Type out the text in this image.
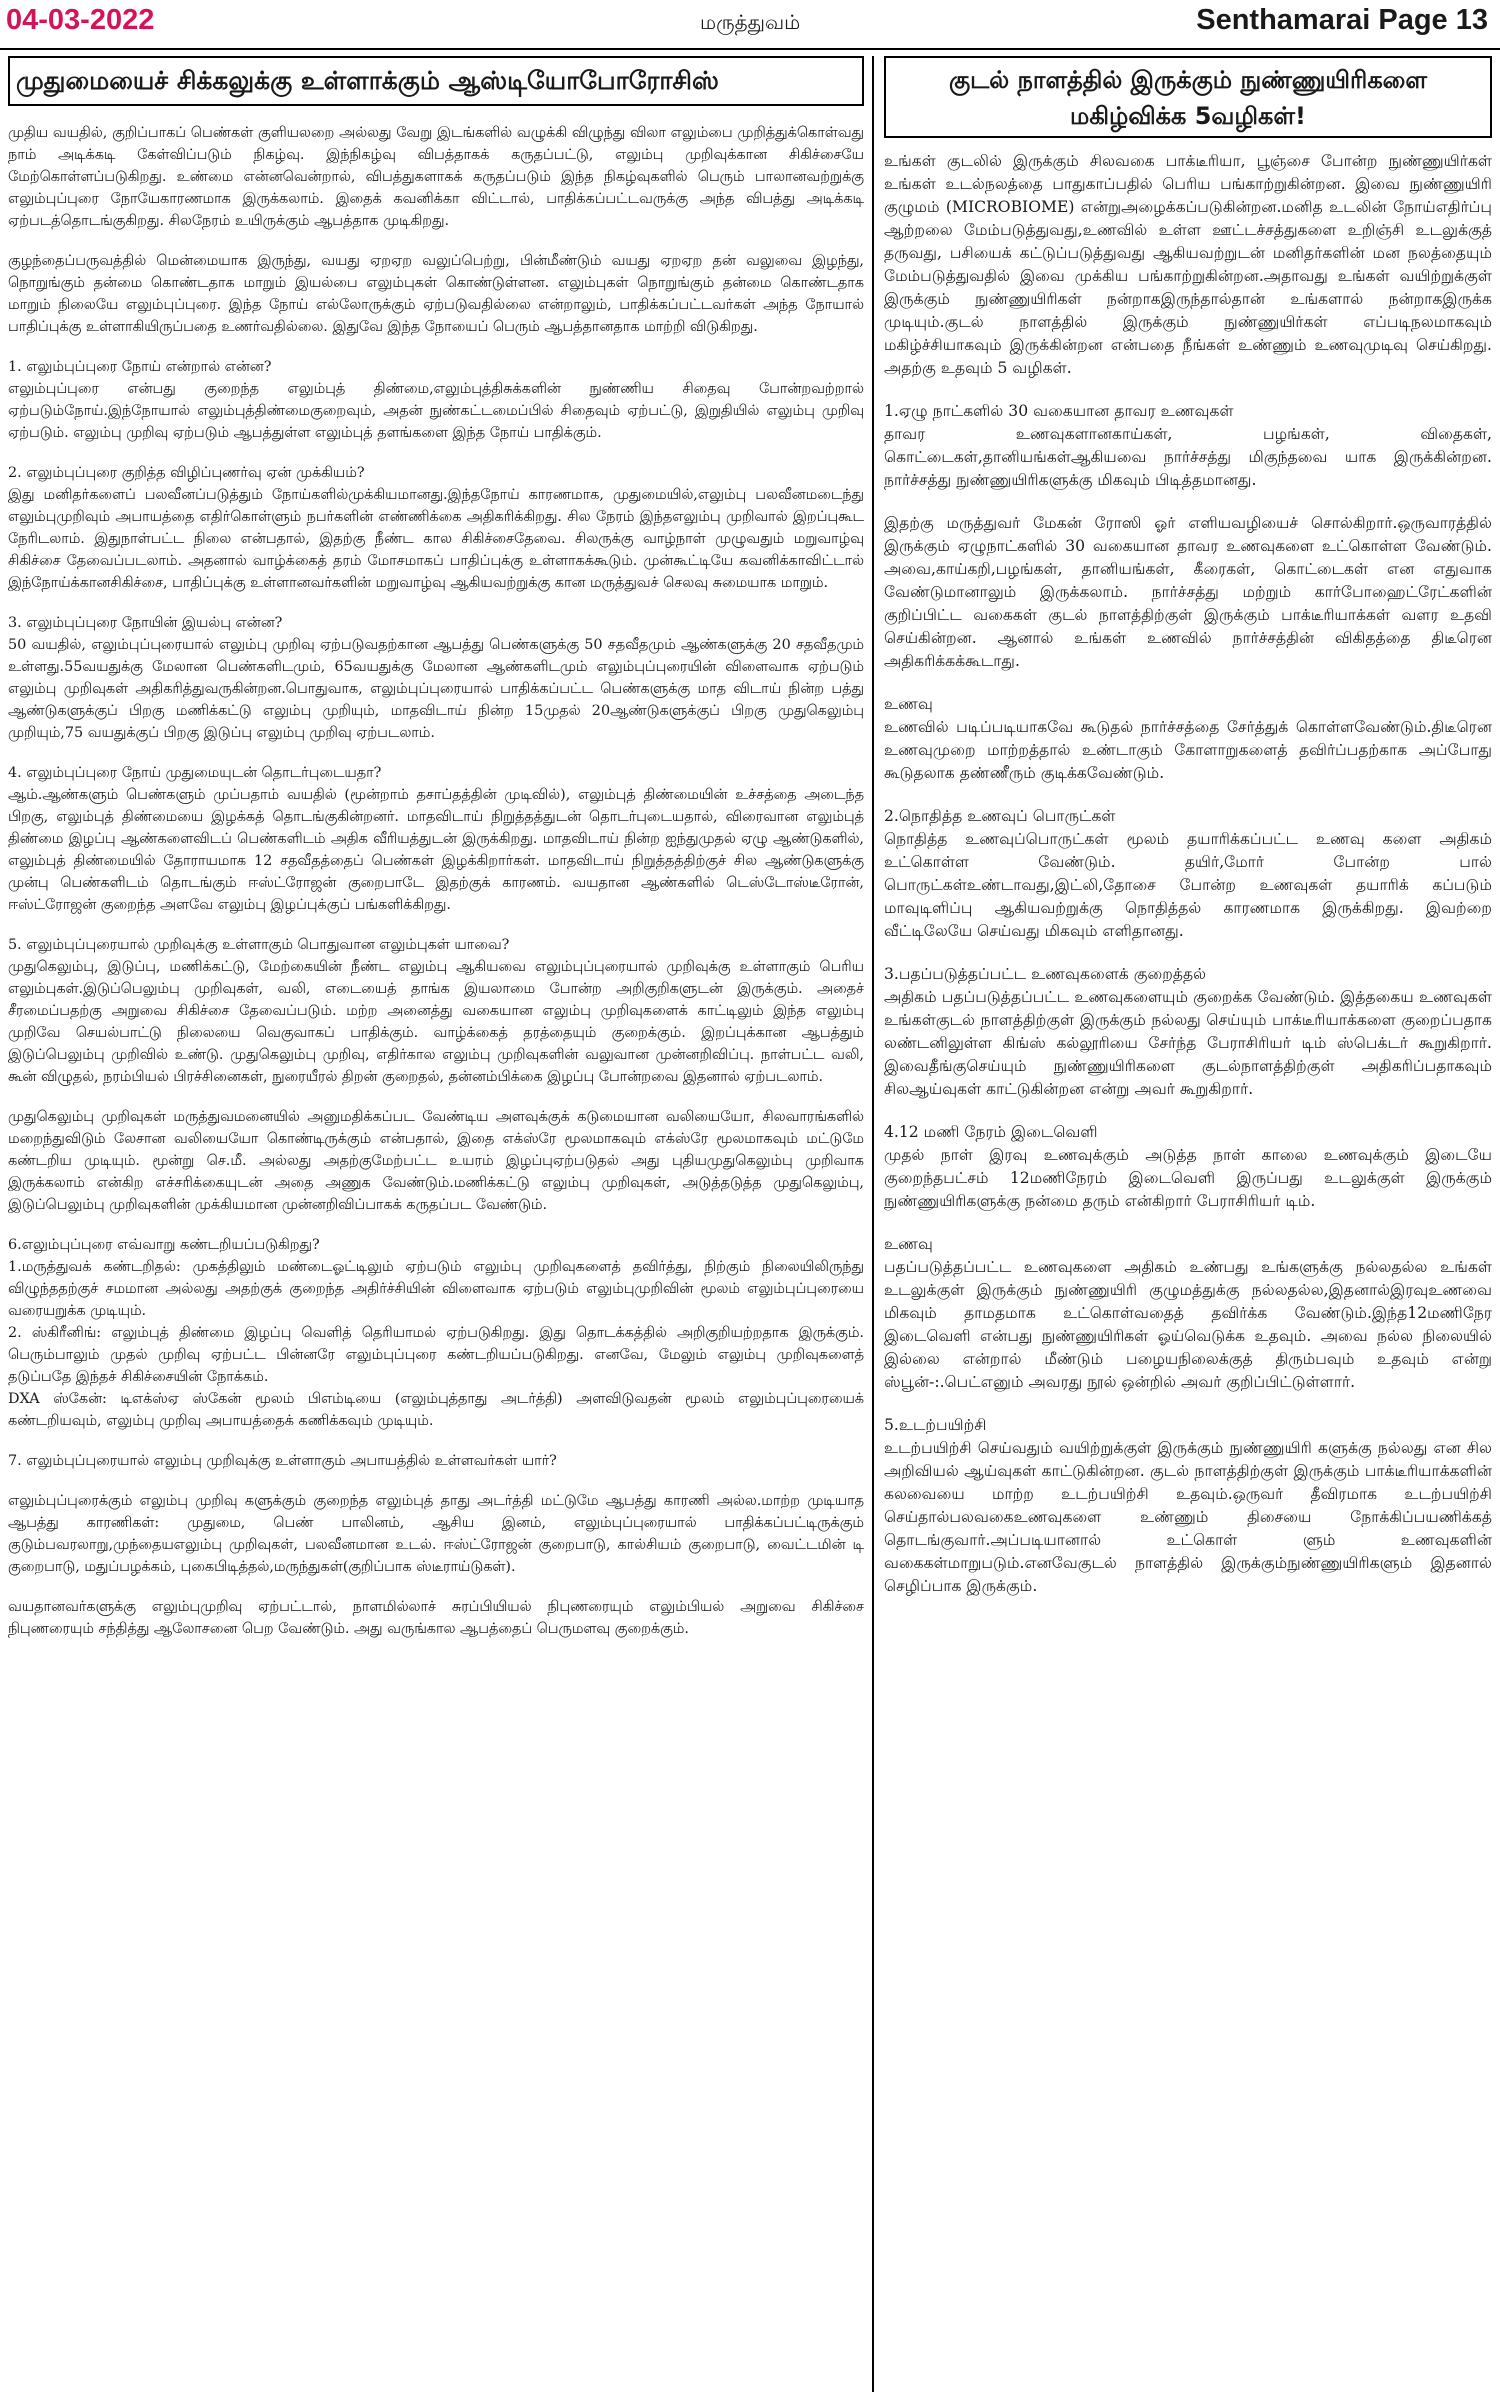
04-03-2022	மருத்துவம்	Senthamarai Page 13
முதுமையைச் சிக்கலுக்கு உள்ளாக்கும் ஆஸ்டியோபோரோசிஸ்

முதிய வயதில், குறிப்பாகப் பெண்கள் குளியலறை அல்லது வேறு இடங்களில் வழுக்கி விழுந்து விலா எலும்பை முறித்துக்கொள்வது நாம் அடிக்கடி கேள்விப்படும் நிகழ்வு. இந்நிகழ்வு விபத்தாகக் கருதப்பட்டு, எலும்பு முறிவுக்கான சிகிச்சையே மேற்கொள்ளப்படுகிறது. உண்மை என்னவென்றால், விபத்துகளாகக் கருதப்படும் இந்த நிகழ்வுகளில் பெரும் பாலானவற்றுக்கு எலும்புப்புரை நோயேகாரணமாக இருக்கலாம். இதைக் கவனிக்கா விட்டால், பாதிக்கப்பட்டவருக்கு அந்த விபத்து அடிக்கடி ஏற்படத்தொடங்குகிறது. சிலநேரம் உயிருக்கும் ஆபத்தாக முடிகிறது.

குழந்தைப்பருவத்தில் மென்மையாக இருந்து, வயது ஏறஏற வலுப்பெற்று, பின்மீண்டும் வயது ஏறஏற தன் வலுவை இழந்து, நொறுங்கும் தன்மை கொண்டதாக மாறும் இயல்பை எலும்புகள் கொண்டுள்ளன. எலும்புகள் நொறுங்கும் தன்மை கொண்டதாக மாறும் நிலையே எலும்புப்புரை. இந்த நோய் எல்லோருக்கும் ஏற்படுவதில்லை என்றாலும், பாதிக்கப்பட்டவர்கள் அந்த நோயால் பாதிப்புக்கு உள்ளாகியிருப்பதை உணர்வதில்லை. இதுவே இந்த நோயைப் பெரும் ஆபத்தானதாக மாற்றி விடுகிறது.

1. எலும்புப்புரை நோய் என்றால் என்ன?
எலும்புப்புரை என்பது குறைந்த எலும்புத் திண்மை,எலும்புத்திசுக்களின் நுண்ணிய சிதைவு போன்றவற்றால் ஏற்படும்நோய்.இந்நோயால் எலும்புத்திண்மைகுறைவும், அதன் நுண்கட்டமைப்பில் சிதைவும் ஏற்பட்டு, இறுதியில் எலும்பு முறிவு ஏற்படும். எலும்பு முறிவு ஏற்படும் ஆபத்துள்ள எலும்புத் தளங்களை இந்த நோய் பாதிக்கும்.

2. எலும்புப்புரை குறித்த விழிப்புணர்வு ஏன் முக்கியம்?
இது மனிதர்களைப் பலவீனப்படுத்தும் நோய்களில்முக்கியமானது.இந்தநோய் காரணமாக, முதுமையில்,எலும்பு பலவீனமடைந்து எலும்புமுறிவும் அபாயத்தை எதிர்கொள்ளும் நபர்களின் எண்ணிக்கை அதிகரிக்கிறது. சில நேரம் இந்தஎலும்பு முறிவால் இறப்புகூட நேரிடலாம். இதுநாள்பட்ட நிலை என்பதால், இதற்கு நீண்ட கால சிகிச்சைதேவை. சிலருக்கு வாழ்நாள் முழுவதும் மறுவாழ்வு சிகிச்சை தேவைப்படலாம். அதனால் வாழ்க்கைத் தரம் மோசமாகப் பாதிப்புக்கு உள்ளாகக்கூடும். முன்கூட்டியே கவனிக்காவிட்டால் இந்நோய்க்கானசிகிச்சை, பாதிப்புக்கு உள்ளானவர்களின் மறுவாழ்வு ஆகியவற்றுக்கு கான மருத்துவச் செலவு சுமையாக மாறும்.

3. எலும்புப்புரை நோயின் இயல்பு என்ன?
50 வயதில், எலும்புப்புரையால் எலும்பு முறிவு ஏற்படுவதற்கான ஆபத்து பெண்களுக்கு 50 சதவீதமும் ஆண்களுக்கு 20 சதவீதமும் உள்ளது.55வயதுக்கு மேலான பெண்களிடமும், 65வயதுக்கு மேலான ஆண்களிடமும் எலும்புப்புரையின் விளைவாக ஏற்படும் எலும்பு முறிவுகள் அதிகரித்துவருகின்றன.பொதுவாக, எலும்புப்புரையால் பாதிக்கப்பட்ட பெண்களுக்கு மாத விடாய் நின்ற பத்து ஆண்டுகளுக்குப் பிறகு மணிக்கட்டு எலும்பு முறியும், மாதவிடாய் நின்ற 15முதல் 20ஆண்டுகளுக்குப் பிறகு முதுகெலும்பு முறியும்,75 வயதுக்குப் பிறகு இடுப்பு எலும்பு முறிவு ஏற்படலாம்.

4. எலும்புப்புரை நோய் முதுமையுடன் தொடர்புடையதா?
ஆம்.ஆண்களும் பெண்களும் முப்பதாம் வயதில் (மூன்றாம் தசாப்தத்தின் முடிவில்), எலும்புத் திண்மையின் உச்சத்தை அடைந்த பிறகு, எலும்புத் திண்மையை இழக்கத் தொடங்குகின்றனர். மாதவிடாய் நிறுத்தத்துடன் தொடர்புடையதால், விரைவான எலும்புத் திண்மை இழப்பு ஆண்களைவிடப் பெண்களிடம் அதிக வீரியத்துடன் இருக்கிறது. மாதவிடாய் நின்ற ஐந்துமுதல் ஏழு ஆண்டுகளில், எலும்புத் திண்மையில் தோராயமாக 12 சதவீதத்தைப் பெண்கள் இழக்கிறார்கள். மாதவிடாய் நிறுத்தத்திற்குச் சில ஆண்டுகளுக்கு முன்பு பெண்களிடம் தொடங்கும் ஈஸ்ட்ரோஜன் குறைபாடே இதற்குக் காரணம். வயதான ஆண்களில் டெஸ்டோஸ்டீரோன், ஈஸ்ட்ரோஜன் குறைந்த அளவே எலும்பு இழப்புக்குப் பங்களிக்கிறது.

5. எலும்புப்புரையால் முறிவுக்கு உள்ளாகும் பொதுவான எலும்புகள் யாவை?
முதுகெலும்பு, இடுப்பு, மணிக்கட்டு, மேற்கையின் நீண்ட எலும்பு ஆகியவை எலும்புப்புரையால் முறிவுக்கு உள்ளாகும் பெரிய எலும்புகள்.இடுப்பெலும்பு முறிவுகள், வலி, எடையைத் தாங்க இயலாமை போன்ற அறிகுறிகளுடன் இருக்கும். அதைச் சீரமைப்பதற்கு அறுவை சிகிச்சை தேவைப்படும். மற்ற அனைத்து வகையான எலும்பு முறிவுகளைக் காட்டிலும் இந்த எலும்பு முறிவே செயல்பாட்டு நிலையை வெகுவாகப் பாதிக்கும். வாழ்க்கைத் தரத்தையும் குறைக்கும். இறப்புக்கான ஆபத்தும் இடுப்பெலும்பு முறிவில் உண்டு. முதுகெலும்பு முறிவு, எதிர்கால எலும்பு முறிவுகளின் வலுவான முன்னறிவிப்பு. நாள்பட்ட வலி, கூன் விழுதல், நரம்பியல் பிரச்சினைகள், நுரையீரல் திறன் குறைதல், தன்னம்பிக்கை இழப்பு போன்றவை இதனால் ஏற்படலாம்.

முதுகெலும்பு முறிவுகள் மருத்துவமனையில் அனுமதிக்கப்பட வேண்டிய அளவுக்குக் கடுமையான வலியையோ, சிலவாரங்களில் மறைந்துவிடும் லேசான வலியையோ கொண்டிருக்கும் என்பதால், இதை எக்ஸ்ரே மூலமாகவும் எக்ஸ்ரே மூலமாகவும் மட்டுமே கண்டறிய முடியும். மூன்று செ.மீ. அல்லது அதற்குமேற்பட்ட உயரம் இழப்புஏற்படுதல் அது புதியமுதுகெலும்பு முறிவாக இருக்கலாம் என்கிற எச்சரிக்கையுடன் அதை அணுக வேண்டும்.மணிக்கட்டு எலும்பு முறிவுகள், அடுத்தடுத்த முதுகெலும்பு, இடுப்பெலும்பு முறிவுகளின் முக்கியமான முன்னறிவிப்பாகக் கருதப்பட வேண்டும்.

6.எலும்புப்புரை எவ்வாறு கண்டறியப்படுகிறது?
1.மருத்துவக் கண்டறிதல்: முகத்திலும் மண்டைஓட்டிலும் ஏற்படும் எலும்பு முறிவுகளைத் தவிர்த்து, நிற்கும் நிலையிலிருந்து விழுந்ததற்குச் சமமான அல்லது அதற்குக் குறைந்த அதிர்ச்சியின் விளைவாக ஏற்படும் எலும்புமுறிவின் மூலம் எலும்புப்புரையை வரையறுக்க முடியும்.
2. ஸ்கிரீனிங்: எலும்புத் திண்மை இழப்பு வெளித் தெரியாமல் ஏற்படுகிறது. இது தொடக்கத்தில் அறிகுறியற்றதாக இருக்கும். பெரும்பாலும் முதல் முறிவு ஏற்பட்ட பின்னரே எலும்புப்புரை கண்டறியப்படுகிறது. எனவே, மேலும் எலும்பு முறிவுகளைத் தடுப்பதே இந்தச் சிகிச்சையின் நோக்கம்.
DXA ஸ்கேன்: டிஎக்ஸ்ஏ ஸ்கேன் மூலம் பிஎம்டியை (எலும்புத்தாது அடர்த்தி) அளவிடுவதன் மூலம் எலும்புப்புரையைக் கண்டறியவும், எலும்பு முறிவு அபாயத்தைக் கணிக்கவும் முடியும்.

7. எலும்புப்புரையால் எலும்பு முறிவுக்கு உள்ளாகும் அபாயத்தில் உள்ளவர்கள் யார்?

எலும்புப்புரைக்கும் எலும்பு முறிவு களுக்கும் குறைந்த எலும்புத் தாது அடர்த்தி மட்டுமே ஆபத்து காரணி அல்ல.மாற்ற முடியாத ஆபத்து காரணிகள்: முதுமை, பெண் பாலினம், ஆசிய இனம், எலும்புப்புரையால் பாதிக்கப்பட்டிருக்கும் குடும்பவரலாறு,முந்தையஎலும்பு முறிவுகள், பலவீனமான உடல். ஈஸ்ட்ரோஜன் குறைபாடு, கால்சியம் குறைபாடு, வைட்டமின் டி குறைபாடு, மதுப்பழக்கம், புகைபிடித்தல்,மருந்துகள்(குறிப்பாக ஸ்டீராய்டுகள்).

வயதானவர்களுக்கு எலும்புமுறிவு ஏற்பட்டால், நாளமில்லாச் சுரப்பியியல் நிபுணரையும் எலும்பியல் அறுவை சிகிச்சை நிபுணரையும் சந்தித்து ஆலோசனை பெற வேண்டும். அது வருங்கால ஆபத்தைப் பெருமளவு குறைக்கும்.

குடல் நாளத்தில் இருக்கும் நுண்ணுயிரிகளை
மகிழ்விக்க 5வழிகள்!

உங்கள் குடலில் இருக்கும் சிலவகை பாக்டீரியா, பூஞ்சை போன்ற நுண்ணுயிர்கள் உங்கள் உடல்நலத்தை பாதுகாப்பதில் பெரிய பங்காற்றுகின்றன. இவை நுண்ணுயிரி குழுமம் (MICROBIOME) என்றுஅழைக்கப்படுகின்றன.மனித உடலின் நோய்எதிர்ப்பு ஆற்றலை மேம்படுத்துவது,உணவில் உள்ள ஊட்டச்சத்துகளை உறிஞ்சி உடலுக்குத் தருவது, பசியைக் கட்டுப்படுத்துவது ஆகியவற்றுடன் மனிதர்களின் மன நலத்தையும் மேம்படுத்துவதில் இவை முக்கிய பங்காற்றுகின்றன.அதாவது உங்கள் வயிற்றுக்குள் இருக்கும் நுண்ணுயிரிகள் நன்றாகஇருந்தால்தான் உங்களால் நன்றாகஇருக்க முடியும்.குடல் நாளத்தில் இருக்கும் நுண்ணுயிர்கள் எப்படிநலமாகவும் மகிழ்ச்சியாகவும் இருக்கின்றன என்பதை நீங்கள் உண்ணும் உணவுமுடிவு செய்கிறது. அதற்கு உதவும் 5 வழிகள்.

1.ஏழு நாட்களில் 30 வகையான தாவர உணவுகள்
தாவர உணவுகளானகாய்கள், பழங்கள், விதைகள், கொட்டைகள்,தானியங்கள்ஆகியவை நார்ச்சத்து மிகுந்தவை யாக இருக்கின்றன. நார்ச்சத்து நுண்ணுயிரிகளுக்கு மிகவும் பிடித்தமானது.

இதற்கு மருத்துவர் மேகன் ரோஸி ஓர் எளியவழியைச் சொல்கிறார்.ஒருவாரத்தில் இருக்கும் ஏழுநாட்களில் 30 வகையான தாவர உணவுகளை உட்கொள்ள வேண்டும். அவை,காய்கறி,பழங்கள், தானியங்கள், கீரைகள், கொட்டைகள் என எதுவாக வேண்டுமானாலும் இருக்கலாம். நார்ச்சத்து மற்றும் கார்போஹைட்ரேட்களின் குறிப்பிட்ட வகைகள் குடல் நாளத்திற்குள் இருக்கும் பாக்டீரியாக்கள் வளர உதவி செய்கின்றன. ஆனால் உங்கள் உணவில் நார்ச்சத்தின் விகிதத்தை திடீரென அதிகரிக்கக்கூடாது.

உணவு
உணவில் படிப்படியாகவே கூடுதல் நார்ச்சத்தை சேர்த்துக் கொள்ளவேண்டும்.திடீரென உணவுமுறை மாற்றத்தால் உண்டாகும் கோளாறுகளைத் தவிர்ப்பதற்காக அப்போது கூடுதலாக தண்ணீரும் குடிக்கவேண்டும்.

2.நொதித்த உணவுப் பொருட்கள்
நொதித்த உணவுப்பொருட்கள் மூலம் தயாரிக்கப்பட்ட உணவு களை அதிகம் உட்கொள்ள வேண்டும். தயிர்,மோர் போன்ற பால் பொருட்கள்உண்டாவது,இட்லி,தோசை போன்ற உணவுகள் தயாரிக் கப்படும் மாவுடிளிப்பு ஆகியவற்றுக்கு நொதித்தல் காரணமாக இருக்கிறது. இவற்றை வீட்டிலேயே செய்வது மிகவும் எளிதானது.

3.பதப்படுத்தப்பட்ட உணவுகளைக் குறைத்தல்
அதிகம் பதப்படுத்தப்பட்ட உணவுகளையும் குறைக்க வேண்டும். இத்தகைய உணவுகள் உங்கள்குடல் நாளத்திற்குள் இருக்கும் நல்லது செய்யும் பாக்டீரியாக்களை குறைப்பதாக லண்டனிலுள்ள கிங்ஸ் கல்லூரியை சேர்ந்த பேராசிரியர் டிம் ஸ்பெக்டர் கூறுகிறார். இவைதீங்குசெய்யும் நுண்ணுயிரிகளை குடல்நாளத்திற்குள் அதிகரிப்பதாகவும் சிலஆய்வுகள் காட்டுகின்றன என்று அவர் கூறுகிறார்.

4.12 மணி நேரம் இடைவெளி
முதல் நாள் இரவு உணவுக்கும் அடுத்த நாள் காலை உணவுக்கும் இடையே குறைந்தபட்சம் 12மணிநேரம் இடைவெளி இருப்பது உடலுக்குள் இருக்கும் நுண்ணுயிரிகளுக்கு நன்மை தரும் என்கிறார் பேராசிரியர் டிம்.

உணவு
பதப்படுத்தப்பட்ட உணவுகளை அதிகம் உண்பது உங்களுக்கு நல்லதல்ல உங்கள் உடலுக்குள் இருக்கும் நுண்ணுயிரி குழுமத்துக்கு நல்லதல்ல,இதனால்இரவுஉணவை மிகவும் தாமதமாக உட்கொள்வதைத் தவிர்க்க வேண்டும்.இந்த12மணிநேர இடைவெளி என்பது நுண்ணுயிரிகள் ஓய்வெடுக்க உதவும். அவை நல்ல நிலையில் இல்லை என்றால் மீண்டும் பழையநிலைக்குத் திரும்பவும் உதவும் என்று ஸ்பூன்-:.பெட்எனும் அவரது நூல் ஒன்றில் அவர் குறிப்பிட்டுள்ளார்.

5.உடற்பயிற்சி
உடற்பயிற்சி செய்வதும் வயிற்றுக்குள் இருக்கும் நுண்ணுயிரி களுக்கு நல்லது என சில அறிவியல் ஆய்வுகள் காட்டுகின்றன. குடல் நாளத்திற்குள் இருக்கும் பாக்டீரியாக்களின் கலவையை மாற்ற உடற்பயிற்சி உதவும்.ஒருவர் தீவிரமாக உடற்பயிற்சி செய்தால்பலவகைஉணவுகளை உண்ணும் திசையை நோக்கிப்பயணிக்கத் தொடங்குவார்.அப்படியானால் உட்கொள் ளும் உணவுகளின் வகைகள்மாறுபடும்.எனவேகுடல் நாளத்தில் இருக்கும்நுண்ணுயிரிகளும் இதனால் செழிப்பாக இருக்கும்.
